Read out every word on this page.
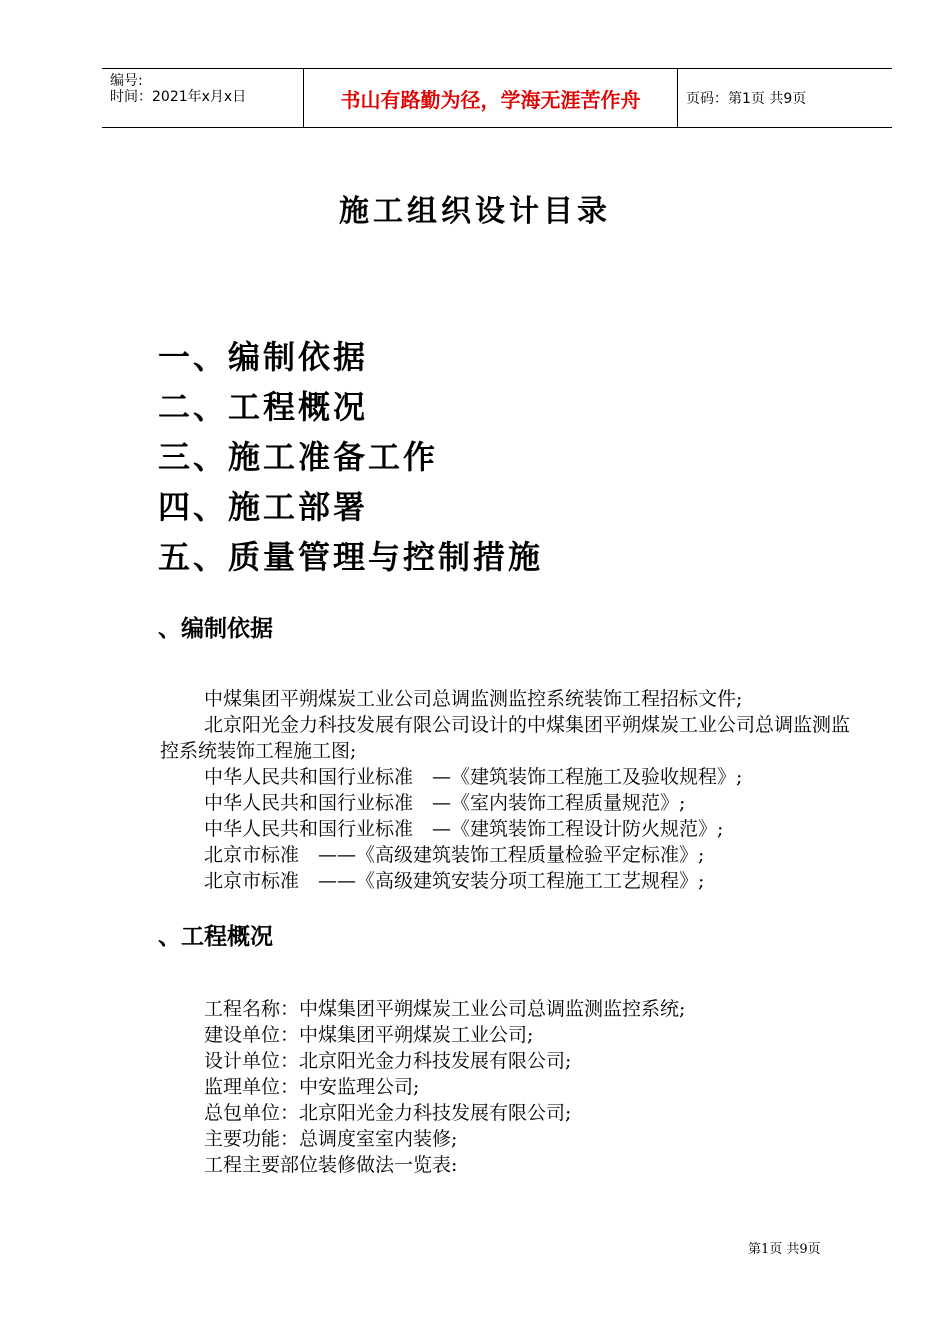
编号:
时间：2021年x月x日	书山有路勤为径，学海无涯苦作舟	页码：第1页 共9页
施工组织设计目录
一、编制依据
二、工程概况
三、施工准备工作
四、施工部署
五、质量管理与控制措施
、编制依据

中煤集团平朔煤炭工业公司总调监测监控系统装饰工程招标文件;

北京阳光金力科技发展有限公司设计的中煤集团平朔煤炭工业公司总调监测监控系统装饰工程施工图;

中华人民共和国行业标准　—《建筑装饰工程施工及验收规程》;

中华人民共和国行业标准　—《室内装饰工程质量规范》;

中华人民共和国行业标准　—《建筑装饰工程设计防火规范》;

北京市标准　——《高级建筑装饰工程质量检验平定标准》;

北京市标准　——《高级建筑安装分项工程施工工艺规程》;

、工程概况

工程名称：中煤集团平朔煤炭工业公司总调监测监控系统;

建设单位：中煤集团平朔煤炭工业公司;

设计单位：北京阳光金力科技发展有限公司;

监理单位：中安监理公司;

总包单位：北京阳光金力科技发展有限公司;

主要功能：总调度室室内装修;

工程主要部位装修做法一览表:

第1页 共9页
